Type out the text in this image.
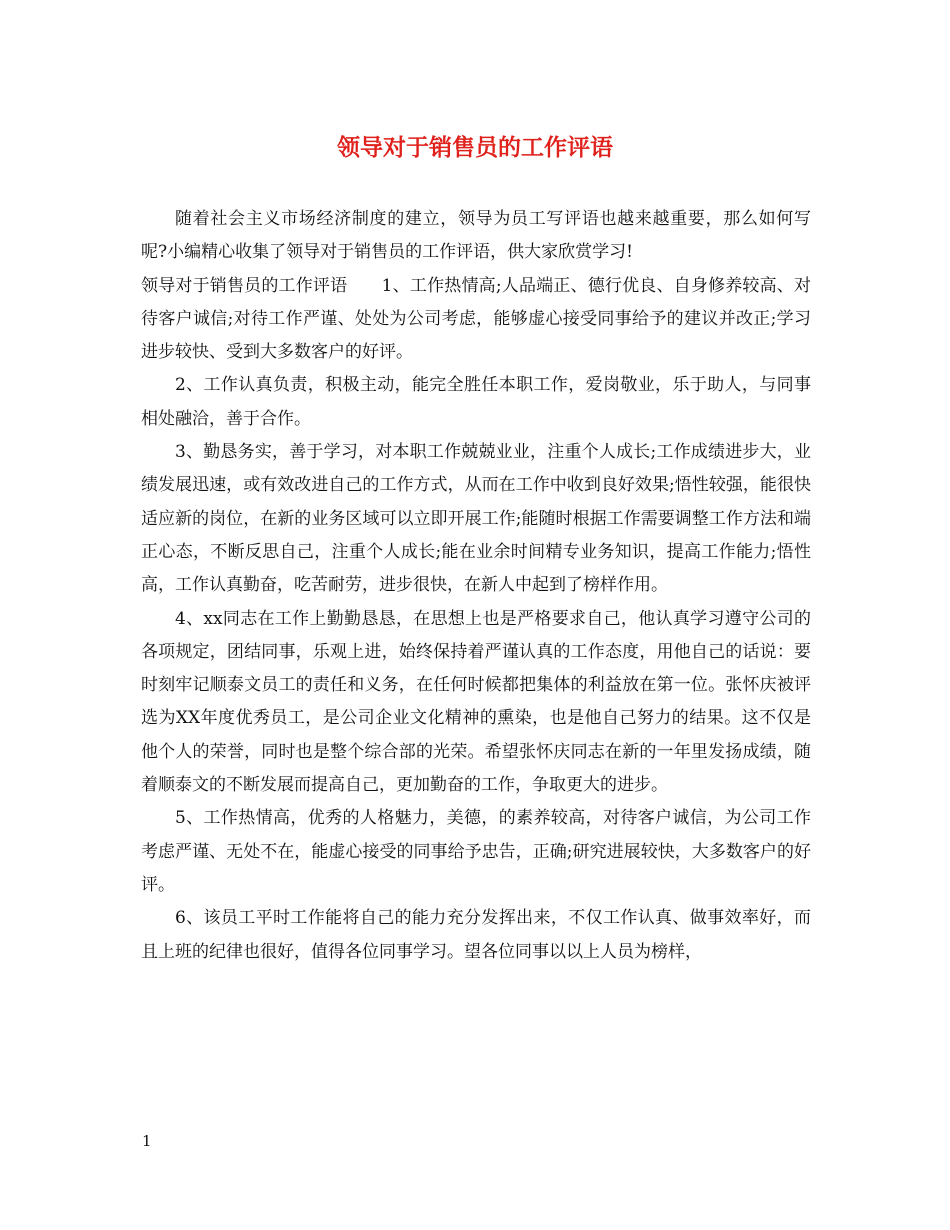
领导对于销售员的工作评语

随着社会主义市场经济制度的建立，领导为员工写评语也越来越重要，那么如何写呢?小编精心收集了领导对于销售员的工作评语，供大家欣赏学习!

领导对于销售员的工作评语　　1、工作热情高;人品端正、德行优良、自身修养较高、对待客户诚信;对待工作严谨、处处为公司考虑，能够虚心接受同事给予的建议并改正;学习进步较快、受到大多数客户的好评。

2、工作认真负责，积极主动，能完全胜任本职工作，爱岗敬业，乐于助人，与同事相处融洽，善于合作。

3、勤恳务实，善于学习，对本职工作兢兢业业，注重个人成长;工作成绩进步大，业绩发展迅速，或有效改进自己的工作方式，从而在工作中收到良好效果;悟性较强，能很快适应新的岗位，在新的业务区域可以立即开展工作;能随时根据工作需要调整工作方法和端正心态，不断反思自己，注重个人成长;能在业余时间精专业务知识，提高工作能力;悟性高，工作认真勤奋，吃苦耐劳，进步很快，在新人中起到了榜样作用。

4、xx同志在工作上勤勤恳恳，在思想上也是严格要求自己，他认真学习遵守公司的各项规定，团结同事，乐观上进，始终保持着严谨认真的工作态度，用他自己的话说：要时刻牢记顺泰文员工的责任和义务，在任何时候都把集体的利益放在第一位。张怀庆被评选为XX年度优秀员工，是公司企业文化精神的熏染，也是他自己努力的结果。这不仅是他个人的荣誉，同时也是整个综合部的光荣。希望张怀庆同志在新的一年里发扬成绩，随着顺泰文的不断发展而提高自己，更加勤奋的工作，争取更大的进步。

5、工作热情高，优秀的人格魅力，美德，的素养较高，对待客户诚信，为公司工作考虑严谨、无处不在，能虚心接受的同事给予忠告，正确;研究进展较快，大多数客户的好评。

6、该员工平时工作能将自己的能力充分发挥出来，不仅工作认真、做事效率好，而且上班的纪律也很好，值得各位同事学习。望各位同事以以上人员为榜样，

1
